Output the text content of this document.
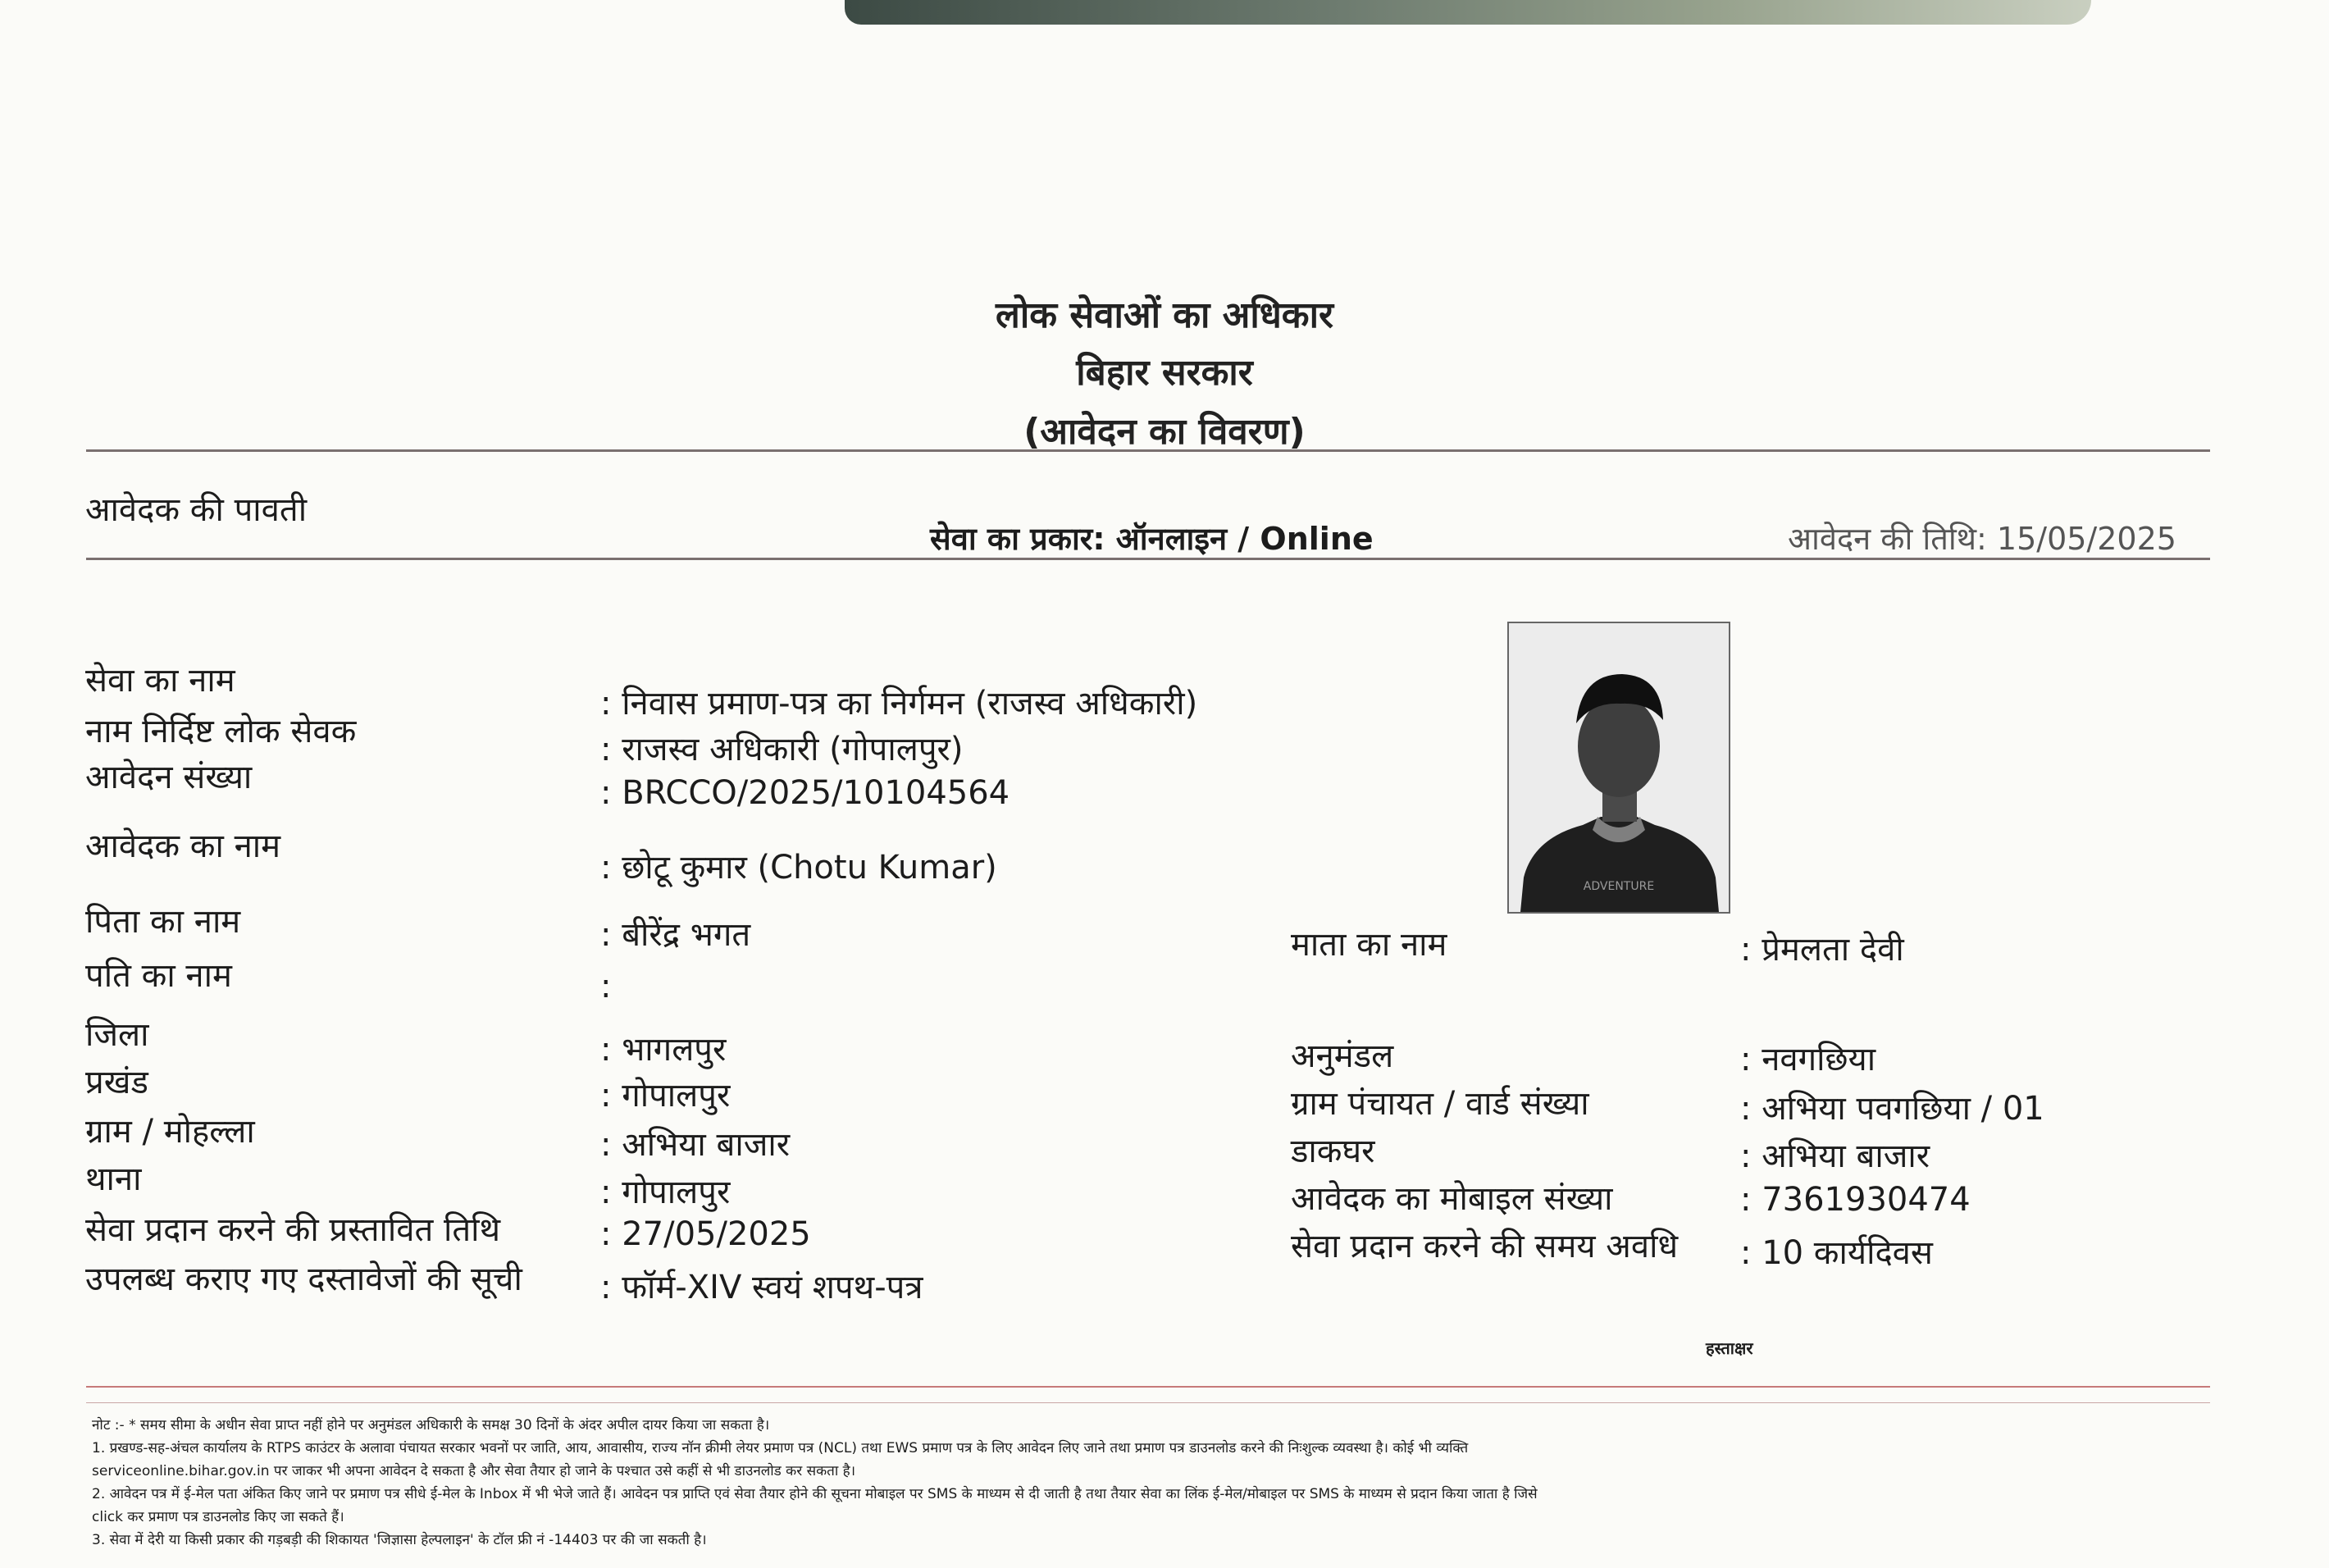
लोक सेवाओं का अधिकार
बिहार सरकार
(आवेदन का विवरण)
आवेदक की पावती
सेवा का प्रकार: ऑनलाइन / Online	आवेदन की तिथि: 15/05/2025
सेवा का नाम
: निवास प्रमाण-पत्र का निर्गमन (राजस्व अधिकारी)
नाम निर्दिष्ट लोक सेवक	: राजस्व अधिकारी (गोपालपुर)
आवेदन संख्या	: BRCCO/2025/10104564
आवेदक का नाम
: छोटू कुमार (Chotu Kumar)
पिता का नाम	: बीरेंद्र भगत
पति का नाम	:
जिला	: भागलपुर
प्रखंड	: गोपालपुर
ग्राम / मोहल्ला	: अभिया बाजार
थाना	: गोपालपुर
सेवा प्रदान करने की प्रस्तावित तिथि	: 27/05/2025
उपलब्ध कराए गए दस्तावेजों की सूची : फॉर्म-XIV स्वयं शपथ-पत्र
ADVENTURE
माता का नाम	: प्रेमलता देवी
अनुमंडल	: नवगछिया
ग्राम पंचायत / वार्ड संख्या	: अभिया पवगछिया / 01
डाकघर	: अभिया बाजार
आवेदक का मोबाइल संख्या	: 7361930474
सेवा प्रदान करने की समय अवधि : 10 कार्यदिवस
हस्ताक्षर
नोट :- * समय सीमा के अधीन सेवा प्राप्त नहीं होने पर अनुमंडल अधिकारी के समक्ष 30 दिनों के अंदर अपील दायर किया जा सकता है।
1. प्रखण्ड-सह-अंचल कार्यालय के RTPS काउंटर के अलावा पंचायत सरकार भवनों पर जाति, आय, आवासीय, राज्य नॉन क्रीमी लेयर प्रमाण पत्र (NCL) तथा EWS प्रमाण पत्र के लिए आवेदन लिए जाने तथा प्रमाण पत्र डाउनलोड करने की निःशुल्क व्यवस्था है। कोई भी व्यक्ति
serviceonline.bihar.gov.in पर जाकर भी अपना आवेदन दे सकता है और सेवा तैयार हो जाने के पश्चात उसे कहीं से भी डाउनलोड कर सकता है।
2. आवेदन पत्र में ई-मेल पता अंकित किए जाने पर प्रमाण पत्र सीधे ई-मेल के Inbox में भी भेजे जाते हैं। आवेदन पत्र प्राप्ति एवं सेवा तैयार होने की सूचना मोबाइल पर SMS के माध्यम से दी जाती है तथा तैयार सेवा का लिंक ई-मेल/मोबाइल पर SMS के माध्यम से प्रदान किया जाता है जिसे
click कर प्रमाण पत्र डाउनलोड किए जा सकते हैं।
3. सेवा में देरी या किसी प्रकार की गड़बड़ी की शिकायत 'जिज्ञासा हेल्पलाइन' के टॉल फ्री नं -14403 पर की जा सकती है।
